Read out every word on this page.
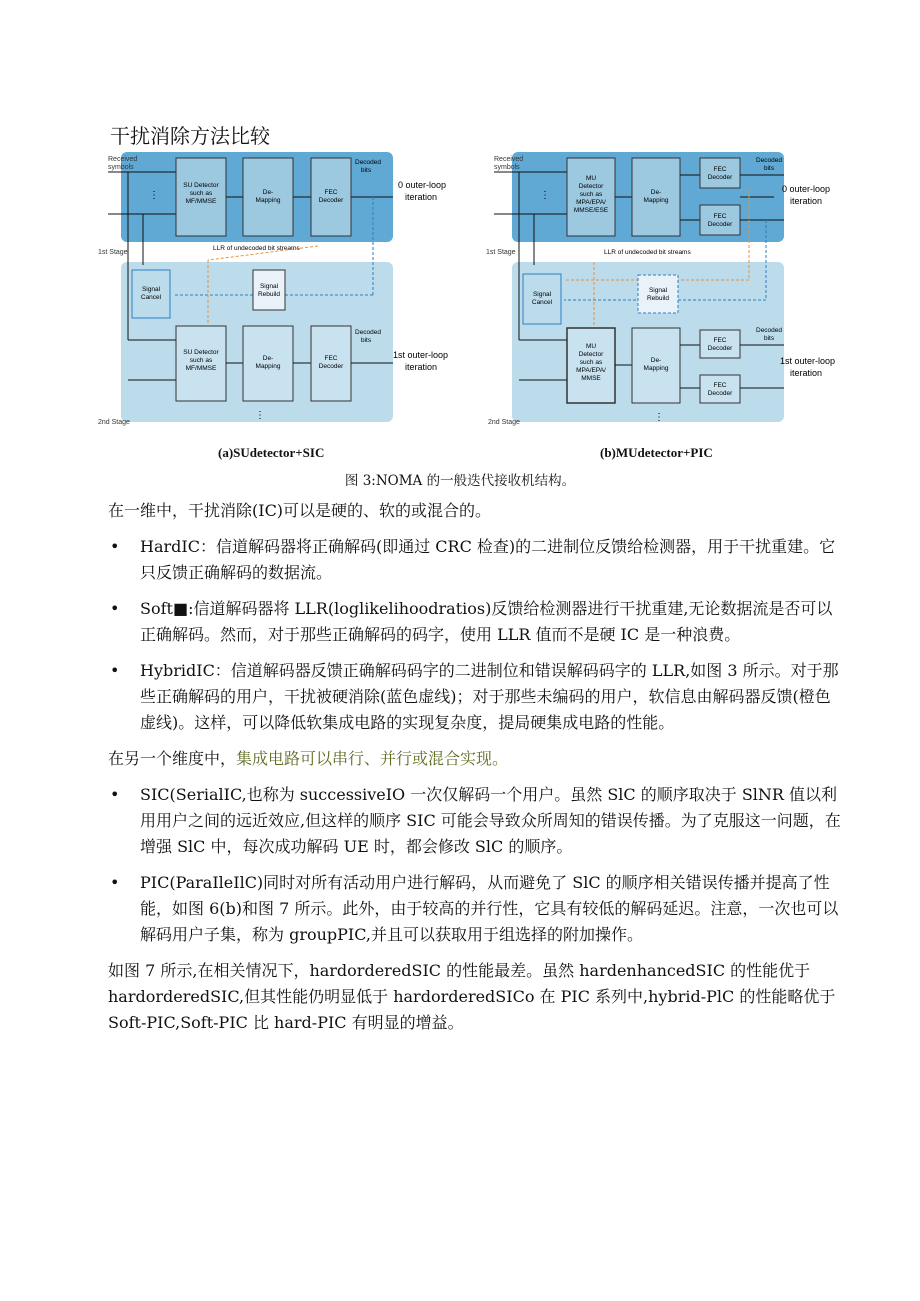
干扰消除方法比较
Received
symbols
1st Stage
2nd Stage
⋮
SU Detector
such as
MF/MMSE
De-
Mapping
FEC
Decoder
Decoded
bits
0 outer-loop
iteration
LLR of undecoded bit streams
Signal
Cancel
Signal
Rebuild
SU Detector
such as
MF/MMSE
De-
Mapping
FEC
Decoder
Decoded
bits
1st outer-loop
iteration
⋮
Received
symbols
1st Stage
2nd Stage
⋮
MU
Detector
such as
MPA/EPA/
MMSE/ESE
De-
Mapping
FEC
Decoder
FEC
Decoder
Decoded
bits
0 outer-loop
iteration
LLR of undecoded bit streams
Signal
Cancel
Signal
Rebuild
MU
Detector
such as
MPA/EPA/
MMSE
De-
Mapping
FEC
Decoder
FEC
Decoder
Decoded
bits
1st outer-loop
iteration
⋮
(a)SUdetector+SIC	(b)MUdetector+PIC
图 3:NOMA 的一般迭代接收机结构。

在一维中，干扰消除(IC)可以是硬的、软的或混合的。

• HardIC：信道解码器将正确解码(即通过 CRC 检查)的二进制位反馈给检测器，用于干扰重建。它只反馈正确解码的数据流。
• Soft■:信道解码器将 LLR(loglikelihoodratios)反馈给检测器进行干扰重建,无论数据流是否可以正确解码。然而，对于那些正确解码的码字，使用 LLR 值而不是硬 IC 是一种浪费。
• HybridIC：信道解码器反馈正确解码码字的二进制位和错误解码码字的 LLR,如图 3 所示。对于那些正确解码的用户，干扰被硬消除(蓝色虚线)；对于那些未编码的用户，软信息由解码器反馈(橙色虚线)。这样，可以降低软集成电路的实现复杂度，提局硬集成电路的性能。

在另一个维度中，集成电路可以串行、并行或混合实现。

• SIC(SerialIC,也称为 successiveIO 一次仅解码一个用户。虽然 SlC 的顺序取决于 SlNR 值以利用用户之间的远近效应,但这样的顺序 SIC 可能会导致众所周知的错误传播。为了克服这一问题，在增强 SlC 中，每次成功解码 UE 时，都会修改 SlC 的顺序。
• PIC(ParaIleIlC)同时对所有活动用户进行解码，从而避免了 SlC 的顺序相关错误传播并提高了性能，如图 6(b)和图 7 所示。此外，由于较高的并行性，它具有较低的解码延迟。注意，一次也可以解码用户子集，称为 groupPIC,并且可以获取用于组选择的附加操作。

如图 7 所示,在相关情况下，hardorderedSIC 的性能最差。虽然 hardenhancedSIC 的性能优于 hardorderedSIC,但其性能仍明显低于 hardorderedSICo 在 PIC 系列中,hybrid-PlC 的性能略优于 Soft-PIC,Soft-PIC 比 hard-PIC 有明显的增益。
